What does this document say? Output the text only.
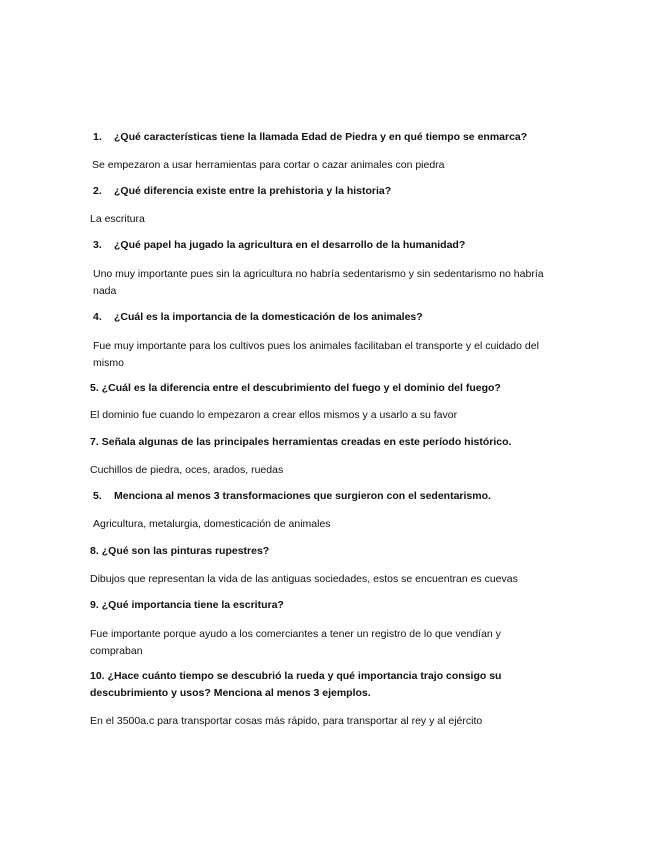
1. ¿Qué características tiene la llamada Edad de Piedra y en qué tiempo se enmarca?
Se empezaron a usar herramientas para cortar o cazar animales con piedra
2. ¿Qué diferencia existe entre la prehistoria y la historia?
La escritura
3. ¿Qué papel ha jugado la agricultura en el desarrollo de la humanidad?
Uno muy importante pues sin la agricultura no habría sedentarismo y sin sedentarismo no habría nada
4. ¿Cuál es la importancia de la domesticación de los animales?
Fue muy importante para los cultivos pues los animales facilitaban el transporte y el cuidado del mismo
5. ¿Cuál es la diferencia entre el descubrimiento del fuego y el dominio del fuego?
El dominio fue cuando lo empezaron a crear ellos mismos y a usarlo a su favor
7. Señala algunas de las principales herramientas creadas en este período histórico.
Cuchillos de piedra, oces, arados, ruedas
5. Menciona al menos 3 transformaciones que surgieron con el sedentarismo.
Agricultura, metalurgia, domesticación de animales
8. ¿Qué son las pinturas rupestres?
Dibujos que representan la vida de las antiguas sociedades, estos se encuentran es cuevas
9. ¿Qué importancia tiene la escritura?
Fue importante porque ayudo a los comerciantes a tener un registro de lo que vendían y compraban
10. ¿Hace cuánto tiempo se descubrió la rueda y qué importancia trajo consigo su descubrimiento y usos? Menciona al menos 3 ejemplos.
En el 3500a.c para transportar cosas más rápido, para transportar al rey y al ejército
